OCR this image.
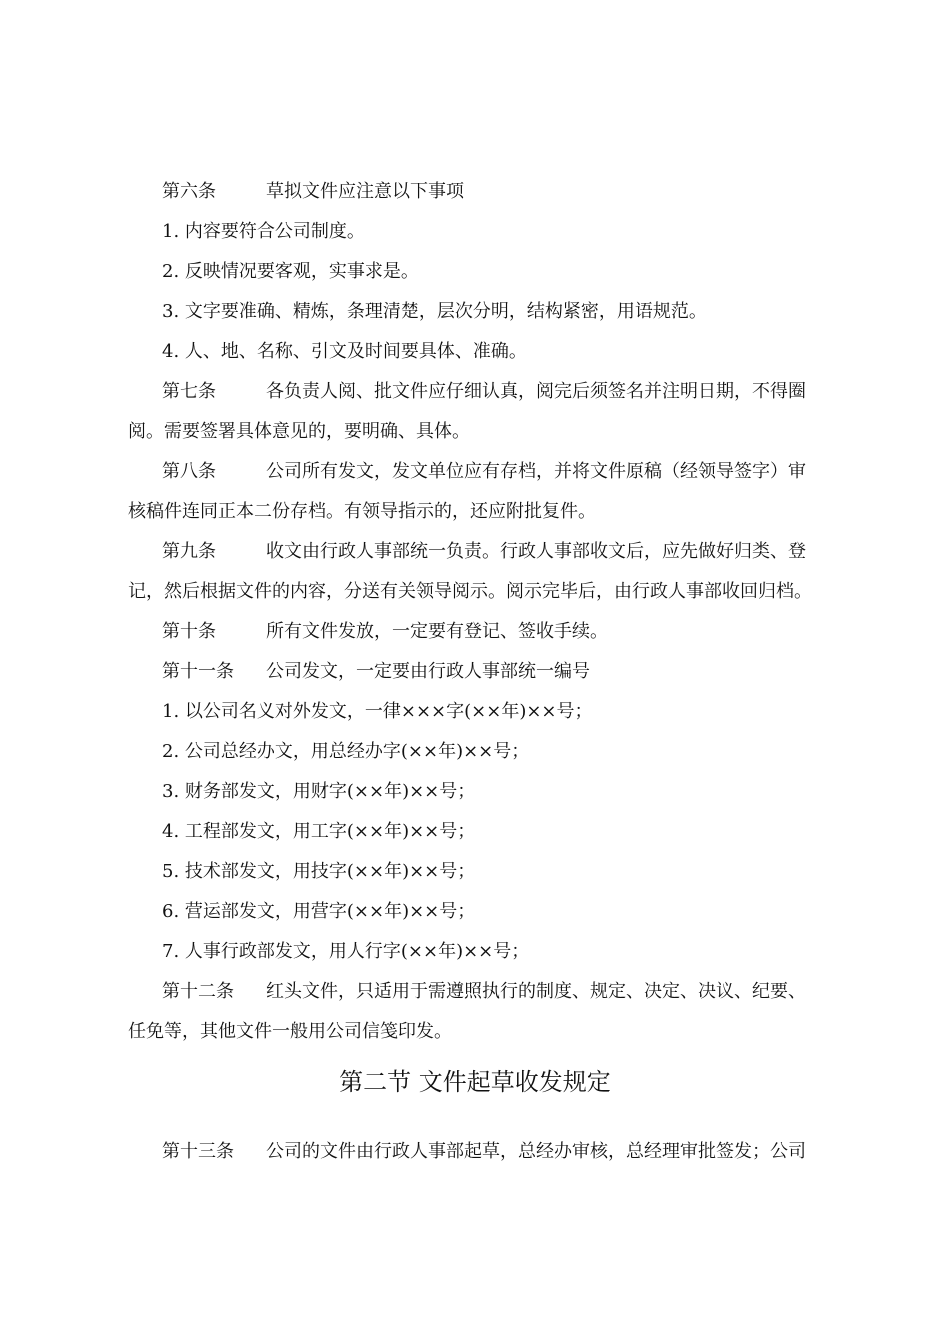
第六条	草拟文件应注意以下事项
1. 内容要符合公司制度。
2. 反映情况要客观，实事求是。
3. 文字要准确、精炼，条理清楚，层次分明，结构紧密，用语规范。
4. 人、地、名称、引文及时间要具体、准确。
第七条	各负责人阅、批文件应仔细认真，阅完后须签名并注明日期，不得圈
阅。需要签署具体意见的，要明确、具体。
第八条	公司所有发文，发文单位应有存档，并将文件原稿（经领导签字）审
核稿件连同正本二份存档。有领导指示的，还应附批复件。
第九条	收文由行政人事部统一负责。行政人事部收文后，应先做好归类、登
记，然后根据文件的内容，分送有关领导阅示。阅示完毕后，由行政人事部收回归档。
第十条	所有文件发放，一定要有登记、签收手续。
第十一条 公司发文，一定要由行政人事部统一编号
1. 以公司名义对外发文，一律×××字(××年)××号；
2. 公司总经办文，用总经办字(××年)××号；
3. 财务部发文，用财字(××年)××号；
4. 工程部发文，用工字(××年)××号；
5. 技术部发文，用技字(××年)××号；
6. 营运部发文，用营字(××年)××号；
7. 人事行政部发文，用人行字(××年)××号；
第十二条 红头文件，只适用于需遵照执行的制度、规定、决定、决议、纪要、
任免等，其他文件一般用公司信笺印发。
第二节 文件起草收发规定
第十三条 公司的文件由行政人事部起草，总经办审核，总经理审批签发；公司
